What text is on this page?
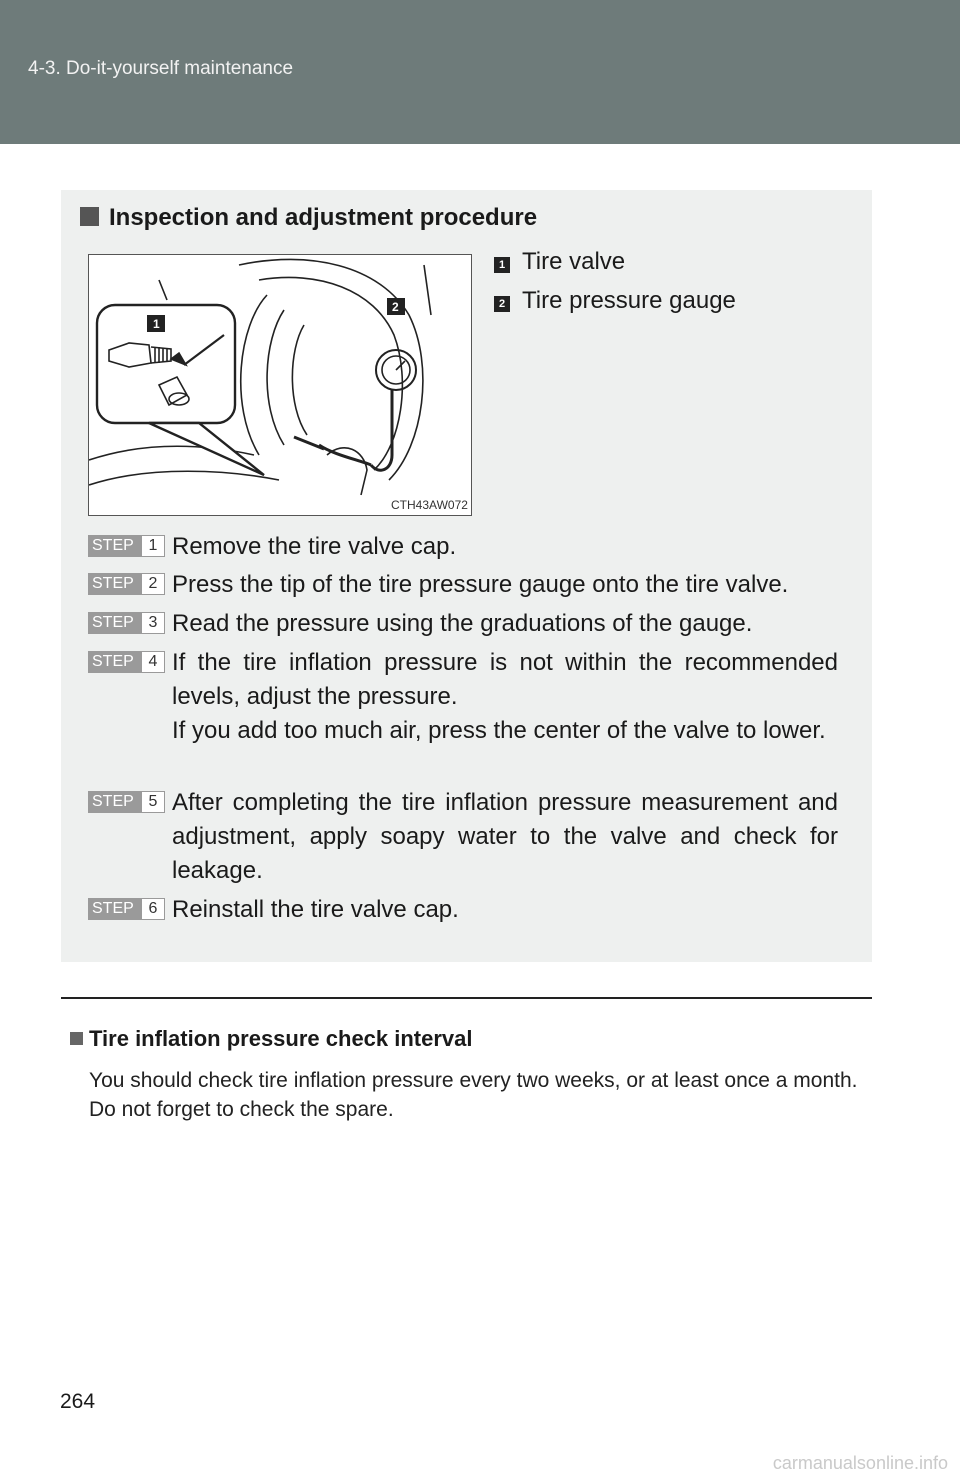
4-3. Do-it-yourself maintenance
Inspection and adjustment procedure
1
2
CTH43AW072
1 Tire valve
2 Tire pressure gauge
STEP 1 Remove the tire valve cap.

STEP 2 Press the tip of the tire pressure gauge onto the tire valve.

STEP 3 Read the pressure using the graduations of the gauge.

STEP 4 If the tire inflation pressure is not within the recommended levels, adjust the pressure.

If you add too much air, press the center of the valve to lower.

STEP 5 After completing the tire inflation pressure measurement and adjustment, apply soapy water to the valve and check for leakage.

STEP 6 Reinstall the tire valve cap.

Tire inflation pressure check interval

You should check tire inflation pressure every two weeks, or at least once a month.

Do not forget to check the spare.

264
carmanualsonline.info
